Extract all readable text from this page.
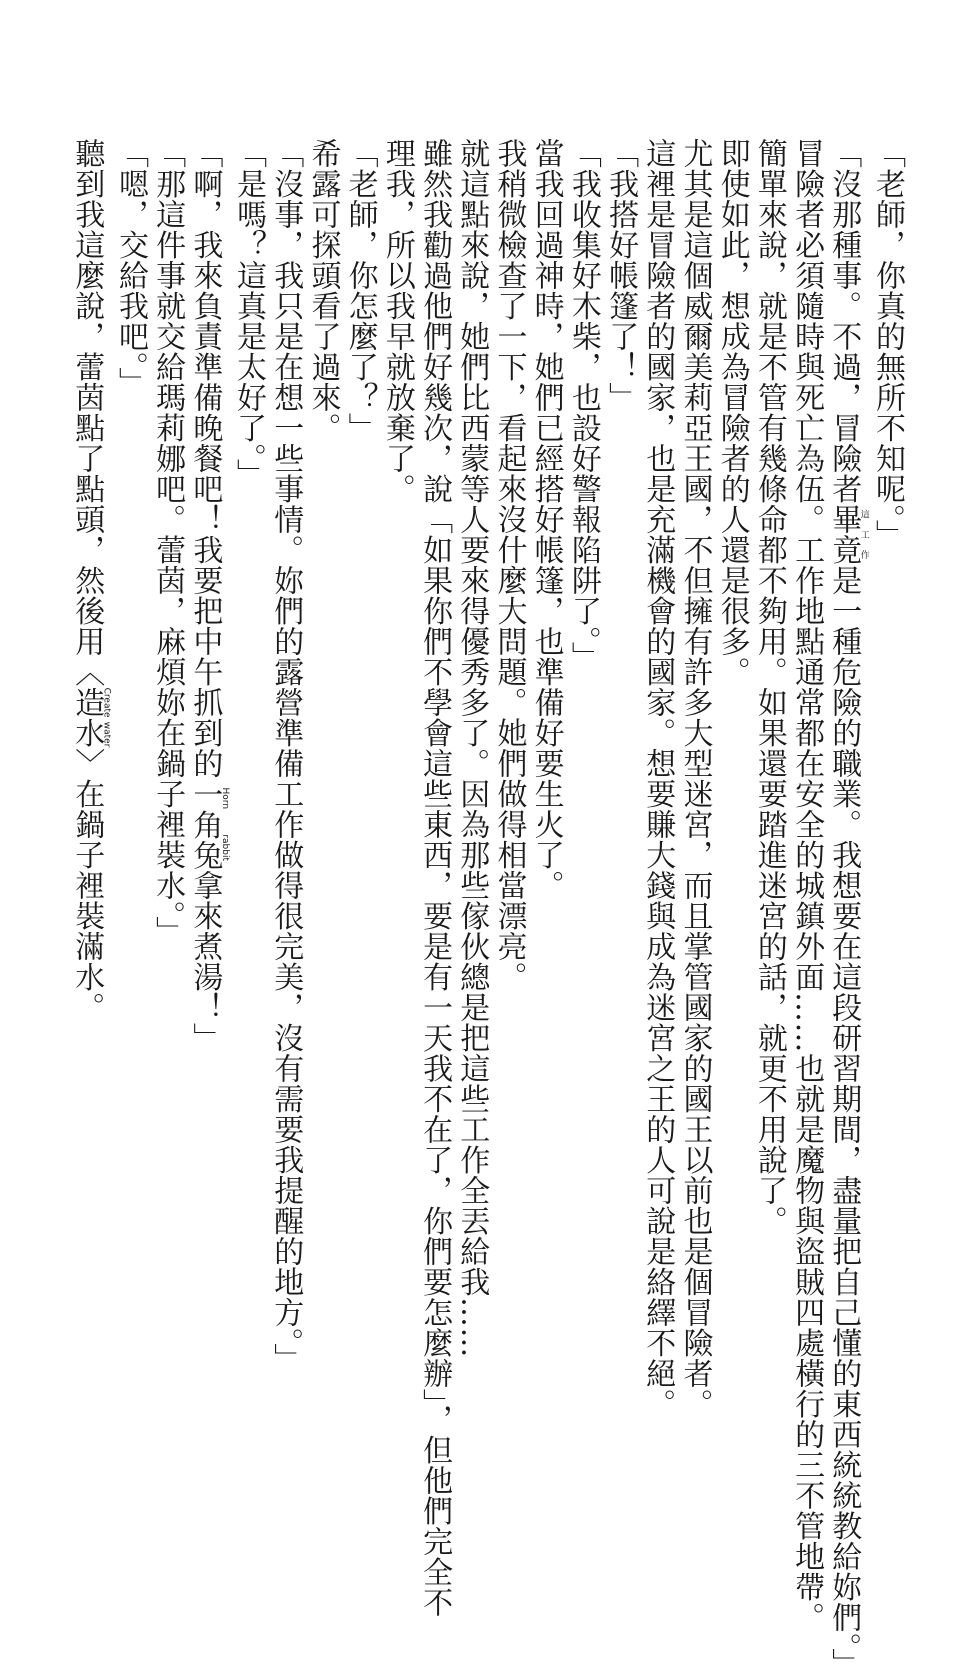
「老師，你真的無所不知呢。」
「沒那種事。不過，冒險者畢竟這工作是一種危險的職業。我想要在這段研習期間，盡量把自己懂的東西統統教給妳們。」
冒險者必須隨時與死亡為伍。工作地點通常都在安全的城鎮外面……也就是魔物與盜賊四處橫行的三不管地帶。
簡單來說，就是不管有幾條命都不夠用。如果還要踏進迷宮的話，就更不用說了。
即使如此，想成為冒險者的人還是很多。
尤其是這個威爾美莉亞王國，不但擁有許多大型迷宮，而且掌管國家的國王以前也是個冒險者。
這裡是冒險者的國家，也是充滿機會的國家。想要賺大錢與成為迷宮之王的人可說是絡繹不絕。
「我搭好帳篷了！」
「我收集好木柴，也設好警報陷阱了。」
當我回過神時，她們已經搭好帳篷，也準備好要生火了。
我稍微檢查了一下，看起來沒什麼大問題。她們做得相當漂亮。
就這點來說，她們比西蒙等人要來得優秀多了。因為那些傢伙總是把這些工作全丟給我……
雖然我勸過他們好幾次，說「如果你們不學會這些東西，要是有一天我不在了，你們要怎麼辦」，但他們完全不
理我，所以我早就放棄了。
「老師，你怎麼了？」
希露可探頭看了過來。
「沒事，我只是在想一些事情。妳們的露營準備工作做得很完美，沒有需要我提醒的地方。」
「是嗎？這真是太好了。」
「啊，我來負責準備晚餐吧！我要把中午抓到的一角兔Horn rabbit拿來煮湯！」
「那這件事就交給瑪莉娜吧。蕾茵，麻煩妳在鍋子裡裝水。」
「嗯，交給我吧。」
聽到我這麼說，蕾茵點了點頭，然後用〈造水Create water〉在鍋子裡裝滿水。
